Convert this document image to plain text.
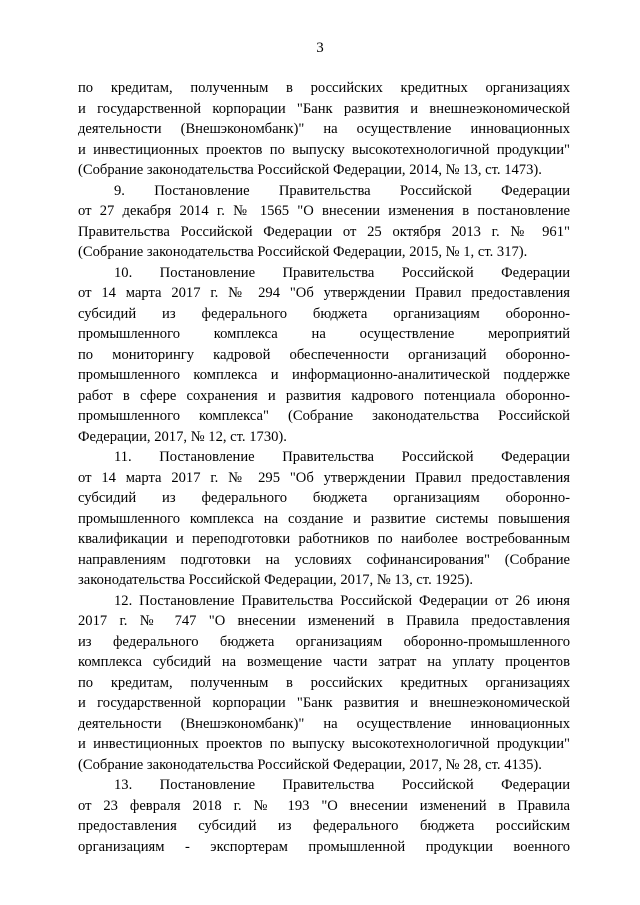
3
по кредитам, полученным в российских кредитных организациях
и государственной корпорации "Банк развития и внешнеэкономической
деятельности (Внешэкономбанк)" на осуществление инновационных
и инвестиционных проектов по выпуску высокотехнологичной продукции"
(Собрание законодательства Российской Федерации, 2014, № 13, ст. 1473).
9. Постановление Правительства Российской Федерации
от 27 декабря 2014 г. № 1565 "О внесении изменения в постановление
Правительства Российской Федерации от 25 октября 2013 г. № 961"
(Собрание законодательства Российской Федерации, 2015, № 1, ст. 317).
10. Постановление Правительства Российской Федерации
от 14 марта 2017 г. № 294 "Об утверждении Правил предоставления
субсидий из федерального бюджета организациям оборонно-
промышленного комплекса на осуществление мероприятий
по мониторингу кадровой обеспеченности организаций оборонно-
промышленного комплекса и информационно-аналитической поддержке
работ в сфере сохранения и развития кадрового потенциала оборонно-
промышленного комплекса" (Собрание законодательства Российской
Федерации, 2017, № 12, ст. 1730).
11. Постановление Правительства Российской Федерации
от 14 марта 2017 г. № 295 "Об утверждении Правил предоставления
субсидий из федерального бюджета организациям оборонно-
промышленного комплекса на создание и развитие системы повышения
квалификации и переподготовки работников по наиболее востребованным
направлениям подготовки на условиях софинансирования" (Собрание
законодательства Российской Федерации, 2017, № 13, ст. 1925).
12. Постановление Правительства Российской Федерации от 26 июня
2017 г. № 747 "О внесении изменений в Правила предоставления
из федерального бюджета организациям оборонно-промышленного
комплекса субсидий на возмещение части затрат на уплату процентов
по кредитам, полученным в российских кредитных организациях
и государственной корпорации "Банк развития и внешнеэкономической
деятельности (Внешэкономбанк)" на осуществление инновационных
и инвестиционных проектов по выпуску высокотехнологичной продукции"
(Собрание законодательства Российской Федерации, 2017, № 28, ст. 4135).
13. Постановление Правительства Российской Федерации
от 23 февраля 2018 г. № 193 "О внесении изменений в Правила
предоставления субсидий из федерального бюджета российским
организациям - экспортерам промышленной продукции военного
